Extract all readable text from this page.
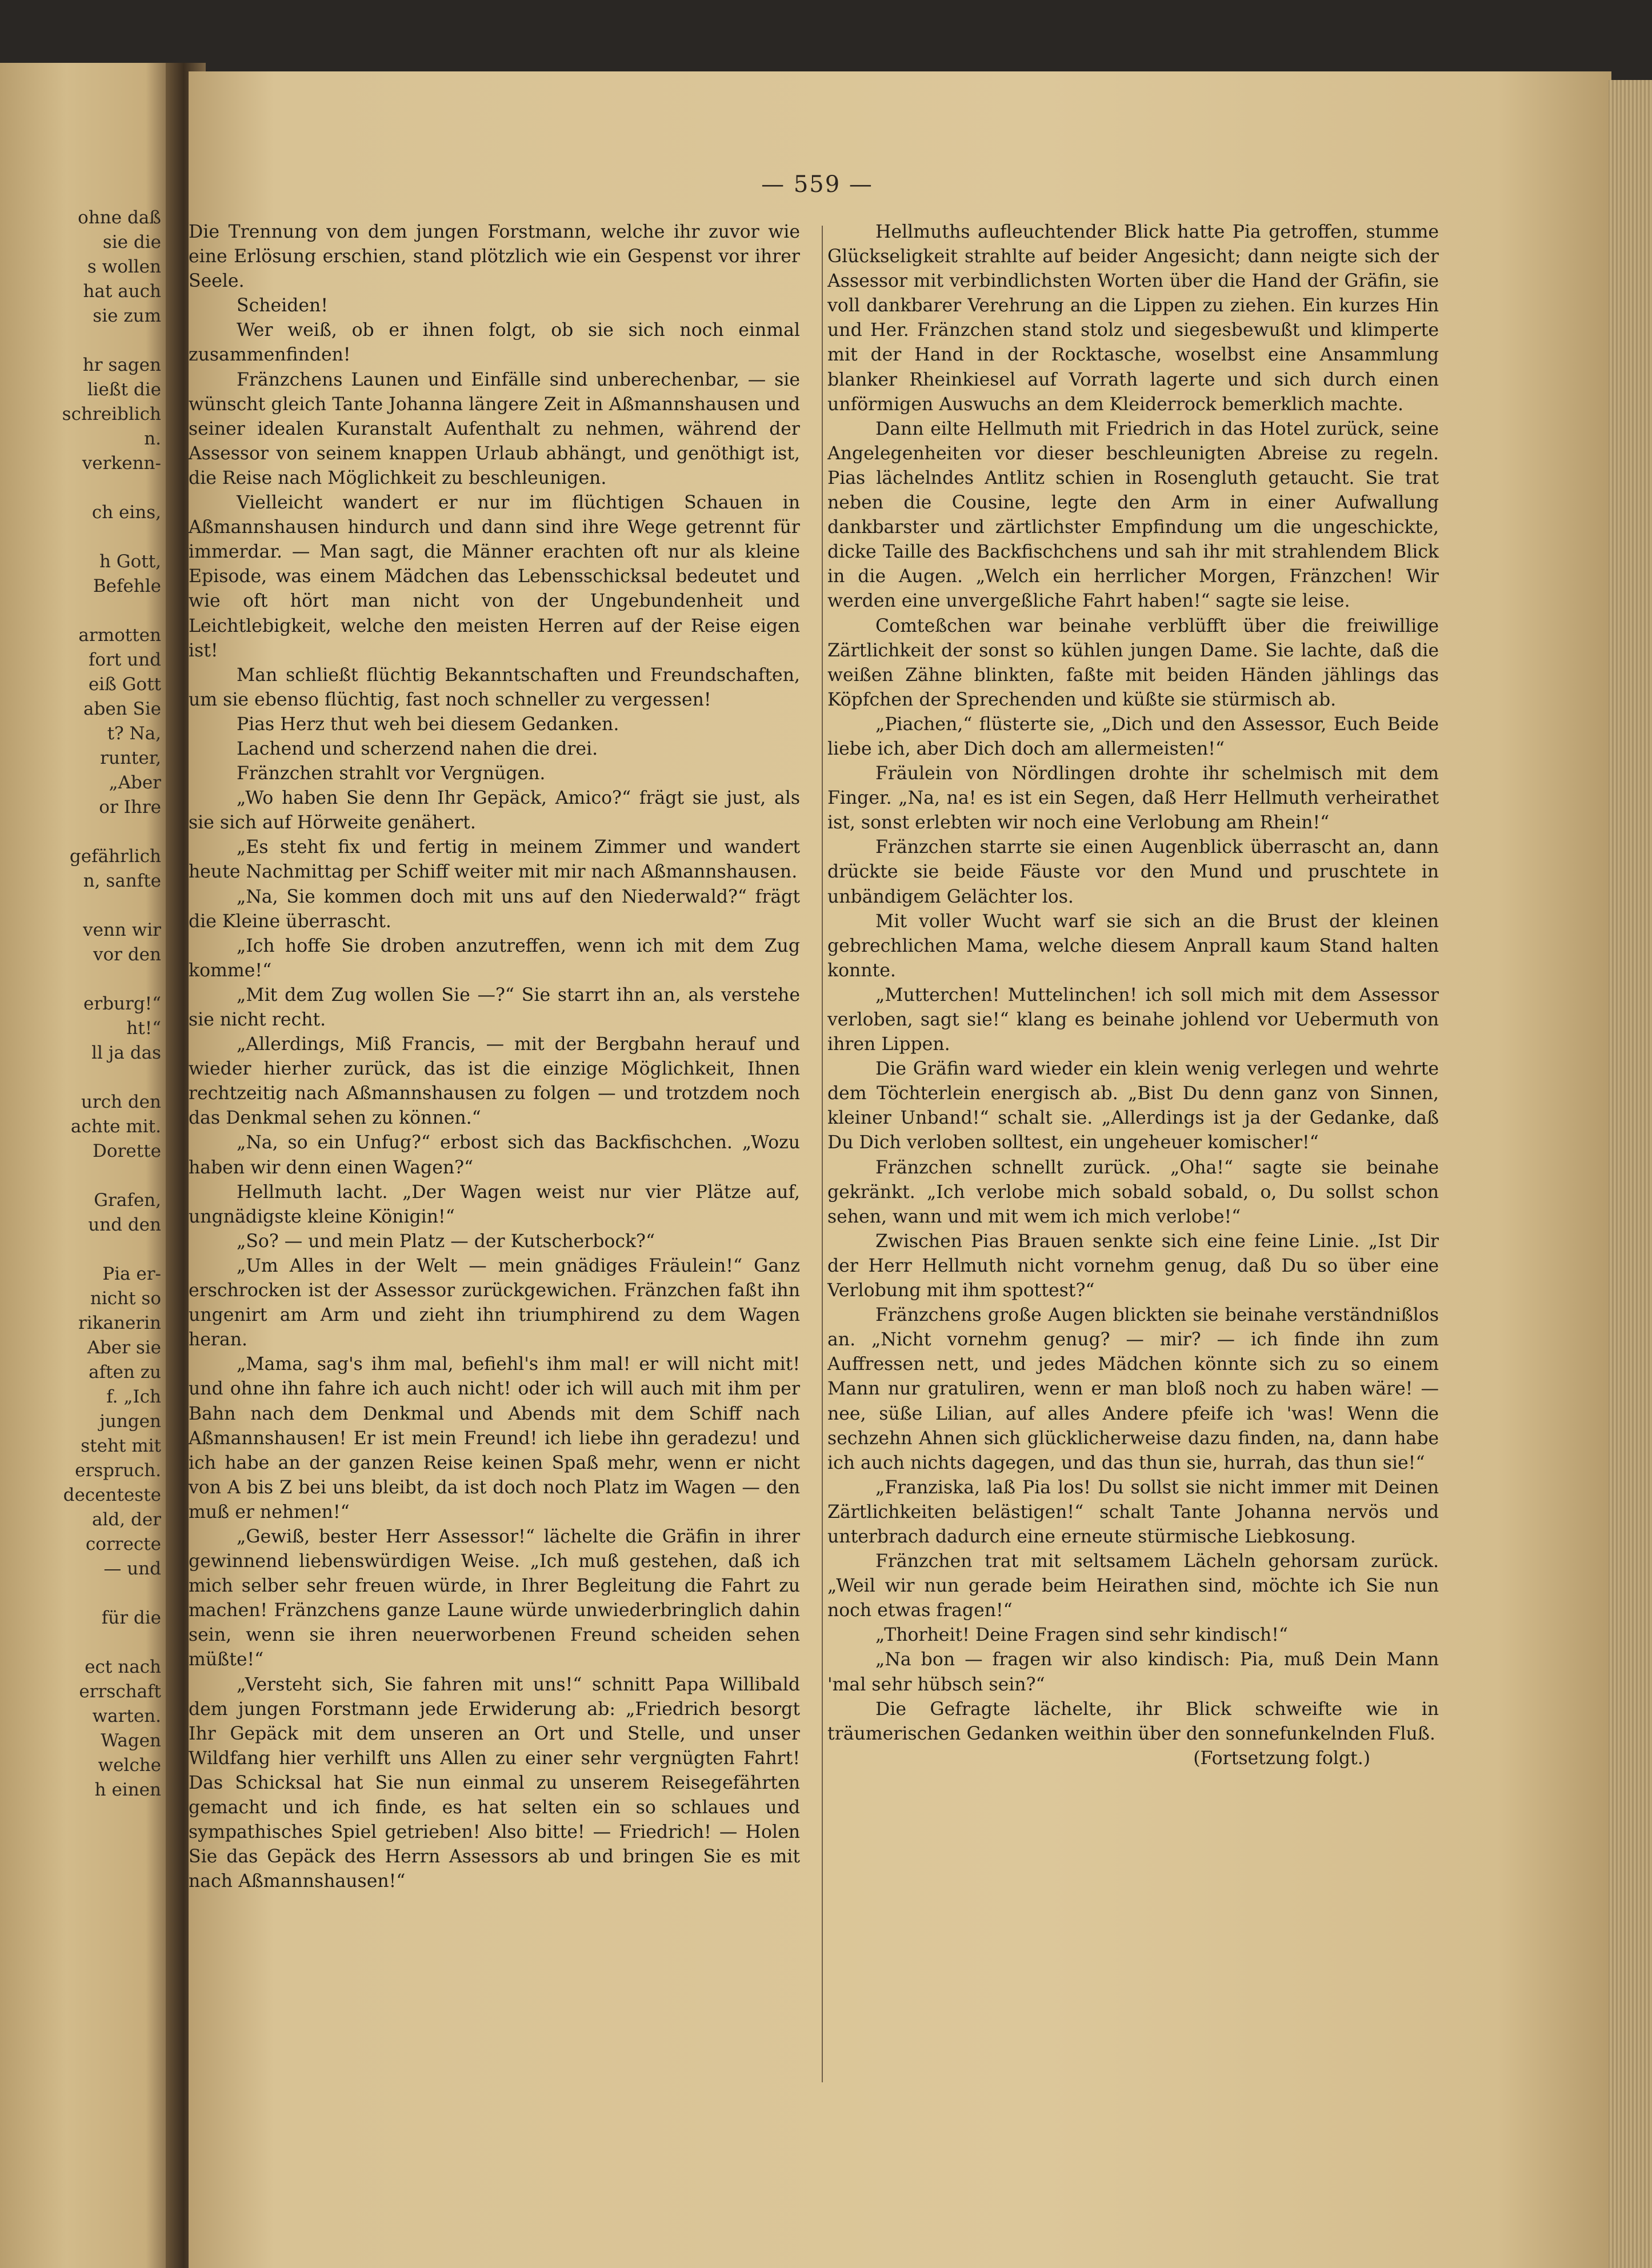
ohne daß
sie die
s wollen
hat auch
sie zum
hr sagen
ließt die
schreiblich
n.
verkenn-
ch eins,
h Gott,
Befehle
armotten
fort und
eiß Gott
aben Sie
t? Na,
runter,
„Aber
or Ihre
gefährlich
n, sanfte
venn wir
vor den
erburg!“
ht!“
ll ja das
urch den
achte mit.
Dorette
Grafen,
und den
Pia er-
nicht so
rikanerin
Aber sie
aften zu
f. „Ich
jungen
steht mit
erspruch.
decenteste
ald, der
correcte
— und
für die
ect nach
errschaft
warten.
Wagen
welche
h einen
— 559 —

Die Trennung von dem jungen Forstmann, welche ihr zuvor wie eine Erlösung erschien, stand plötzlich wie ein Gespenst vor ihrer Seele.

Scheiden!

Wer weiß, ob er ihnen folgt, ob sie sich noch einmal zusammenfinden!

Fränzchens Launen und Einfälle sind unberechenbar, — sie wünscht gleich Tante Johanna längere Zeit in Aßmannshausen und seiner idealen Kuranstalt Aufenthalt zu nehmen, während der Assessor von seinem knappen Urlaub abhängt, und genöthigt ist, die Reise nach Möglichkeit zu beschleunigen.

Vielleicht wandert er nur im flüchtigen Schauen in Aßmannshausen hindurch und dann sind ihre Wege getrennt für immerdar. — Man sagt, die Männer erachten oft nur als kleine Episode, was einem Mädchen das Lebensschicksal bedeutet und wie oft hört man nicht von der Ungebundenheit und Leichtlebigkeit, welche den meisten Herren auf der Reise eigen ist!

Man schließt flüchtig Bekanntschaften und Freundschaften, um sie ebenso flüchtig, fast noch schneller zu vergessen!

Pias Herz thut weh bei diesem Gedanken.

Lachend und scherzend nahen die drei.

Fränzchen strahlt vor Vergnügen.

„Wo haben Sie denn Ihr Gepäck, Amico?“ frägt sie just, als sie sich auf Hörweite genähert.

„Es steht fix und fertig in meinem Zimmer und wandert heute Nachmittag per Schiff weiter mit mir nach Aßmannshausen.

„Na, Sie kommen doch mit uns auf den Niederwald?“ frägt die Kleine überrascht.

„Ich hoffe Sie droben anzutreffen, wenn ich mit dem Zug komme!“

„Mit dem Zug wollen Sie —?“ Sie starrt ihn an, als verstehe sie nicht recht.

„Allerdings, Miß Francis, — mit der Bergbahn herauf und wieder hierher zurück, das ist die einzige Möglichkeit, Ihnen rechtzeitig nach Aßmannshausen zu folgen — und trotzdem noch das Denkmal sehen zu können.“

„Na, so ein Unfug?“ erbost sich das Backfischchen. „Wozu haben wir denn einen Wagen?“

Hellmuth lacht. „Der Wagen weist nur vier Plätze auf, ungnädigste kleine Königin!“

„So? — und mein Platz — der Kutscherbock?“

„Um Alles in der Welt — mein gnädiges Fräulein!“ Ganz erschrocken ist der Assessor zurückgewichen. Fränzchen faßt ihn ungenirt am Arm und zieht ihn triumphirend zu dem Wagen heran.

„Mama, sag's ihm mal, befiehl's ihm mal! er will nicht mit! und ohne ihn fahre ich auch nicht! oder ich will auch mit ihm per Bahn nach dem Denkmal und Abends mit dem Schiff nach Aßmannshausen! Er ist mein Freund! ich liebe ihn geradezu! und ich habe an der ganzen Reise keinen Spaß mehr, wenn er nicht von A bis Z bei uns bleibt, da ist doch noch Platz im Wagen — den muß er nehmen!“

„Gewiß, bester Herr Assessor!“ lächelte die Gräfin in ihrer gewinnend liebenswürdigen Weise. „Ich muß gestehen, daß ich mich selber sehr freuen würde, in Ihrer Begleitung die Fahrt zu machen! Fränzchens ganze Laune würde unwiederbringlich dahin sein, wenn sie ihren neuerworbenen Freund scheiden sehen müßte!“

„Versteht sich, Sie fahren mit uns!“ schnitt Papa Willibald dem jungen Forstmann jede Erwiderung ab: „Friedrich besorgt Ihr Gepäck mit dem unseren an Ort und Stelle, und unser Wildfang hier verhilft uns Allen zu einer sehr vergnügten Fahrt! Das Schicksal hat Sie nun einmal zu unserem Reisegefährten gemacht und ich finde, es hat selten ein so schlaues und sympathisches Spiel getrieben! Also bitte! — Friedrich! — Holen Sie das Gepäck des Herrn Assessors ab und bringen Sie es mit nach Aßmannshausen!“

Hellmuths aufleuchtender Blick hatte Pia getroffen, stumme Glückseligkeit strahlte auf beider Angesicht; dann neigte sich der Assessor mit verbindlichsten Worten über die Hand der Gräfin, sie voll dankbarer Verehrung an die Lippen zu ziehen. Ein kurzes Hin und Her. Fränzchen stand stolz und siegesbewußt und klimperte mit der Hand in der Rocktasche, woselbst eine Ansammlung blanker Rheinkiesel auf Vorrath lagerte und sich durch einen unförmigen Auswuchs an dem Kleiderrock bemerklich machte.

Dann eilte Hellmuth mit Friedrich in das Hotel zurück, seine Angelegenheiten vor dieser beschleunigten Abreise zu regeln. Pias lächelndes Antlitz schien in Rosengluth getaucht. Sie trat neben die Cousine, legte den Arm in einer Aufwallung dankbarster und zärtlichster Empfindung um die ungeschickte, dicke Taille des Backfischchens und sah ihr mit strahlendem Blick in die Augen. „Welch ein herrlicher Morgen, Fränzchen! Wir werden eine unvergeßliche Fahrt haben!“ sagte sie leise.

Comteßchen war beinahe verblüfft über die freiwillige Zärtlichkeit der sonst so kühlen jungen Dame. Sie lachte, daß die weißen Zähne blinkten, faßte mit beiden Händen jählings das Köpfchen der Sprechenden und küßte sie stürmisch ab.

„Piachen,“ flüsterte sie, „Dich und den Assessor, Euch Beide liebe ich, aber Dich doch am allermeisten!“

Fräulein von Nördlingen drohte ihr schelmisch mit dem Finger. „Na, na! es ist ein Segen, daß Herr Hellmuth verheirathet ist, sonst erlebten wir noch eine Verlobung am Rhein!“

Fränzchen starrte sie einen Augenblick überrascht an, dann drückte sie beide Fäuste vor den Mund und pruschtete in unbändigem Gelächter los.

Mit voller Wucht warf sie sich an die Brust der kleinen gebrechlichen Mama, welche diesem Anprall kaum Stand halten konnte.

„Mutterchen! Muttelinchen! ich soll mich mit dem Assessor verloben, sagt sie!“ klang es beinahe johlend vor Uebermuth von ihren Lippen.

Die Gräfin ward wieder ein klein wenig verlegen und wehrte dem Töchterlein energisch ab. „Bist Du denn ganz von Sinnen, kleiner Unband!“ schalt sie. „Allerdings ist ja der Gedanke, daß Du Dich verloben solltest, ein ungeheuer komischer!“

Fränzchen schnellt zurück. „Oha!“ sagte sie beinahe gekränkt. „Ich verlobe mich sobald sobald, o, Du sollst schon sehen, wann und mit wem ich mich verlobe!“

Zwischen Pias Brauen senkte sich eine feine Linie. „Ist Dir der Herr Hellmuth nicht vornehm genug, daß Du so über eine Verlobung mit ihm spottest?“

Fränzchens große Augen blickten sie beinahe verständnißlos an. „Nicht vornehm genug? — mir? — ich finde ihn zum Auffressen nett, und jedes Mädchen könnte sich zu so einem Mann nur gratuliren, wenn er man bloß noch zu haben wäre! — nee, süße Lilian, auf alles Andere pfeife ich 'was! Wenn die sechzehn Ahnen sich glücklicherweise dazu finden, na, dann habe ich auch nichts dagegen, und das thun sie, hurrah, das thun sie!“

„Franziska, laß Pia los! Du sollst sie nicht immer mit Deinen Zärtlichkeiten belästigen!“ schalt Tante Johanna nervös und unterbrach dadurch eine erneute stürmische Liebkosung.

Fränzchen trat mit seltsamem Lächeln gehorsam zurück. „Weil wir nun gerade beim Heirathen sind, möchte ich Sie nun noch etwas fragen!“

„Thorheit! Deine Fragen sind sehr kindisch!“

„Na bon — fragen wir also kindisch: Pia, muß Dein Mann 'mal sehr hübsch sein?“

Die Gefragte lächelte, ihr Blick schweifte wie in träumerischen Gedanken weithin über den sonnefunkelnden Fluß.

(Fortsetzung folgt.)
